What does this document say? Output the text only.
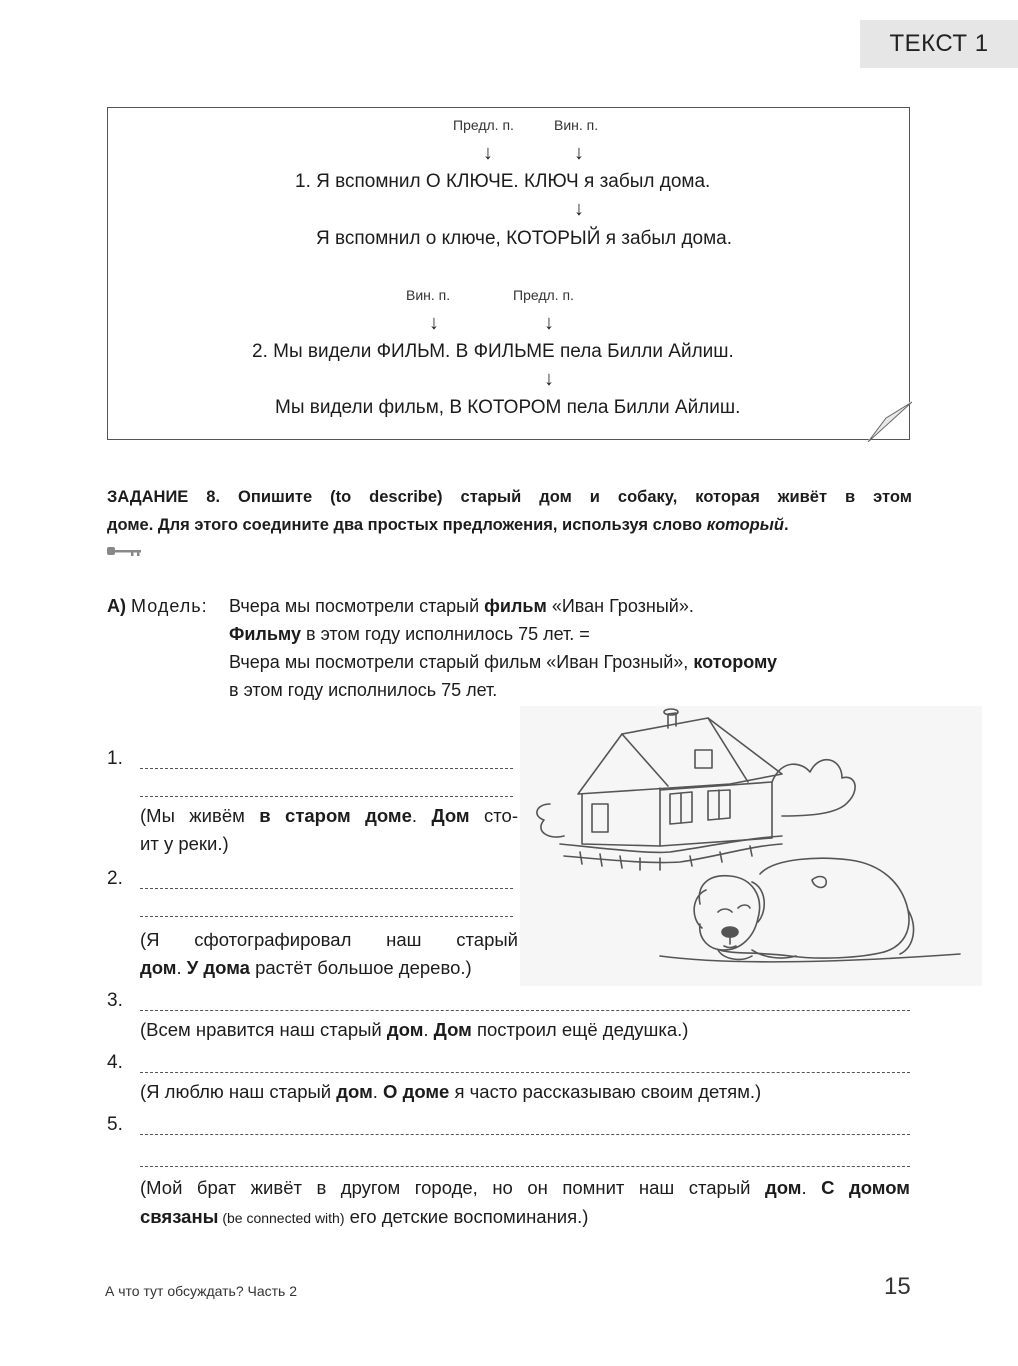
ТЕКСТ 1
Предл. п.	Вин. п.
↓	↓
1. Я вспомнил О КЛЮЧЕ. КЛЮЧ я забыл дома.
↓
Я вспомнил о ключе, КОТОРЫЙ я забыл дома.
Вин. п.	Предл. п.
↓	↓
2. Мы видели ФИЛЬМ. В ФИЛЬМЕ пела Билли Айлиш.
↓
Мы видели фильм, В КОТОРОМ пела Билли Айлиш.
ЗАДАНИЕ 8. Опишите (to describe) старый дом и собаку, которая живёт в этом
доме. Для этого соедините два простых предложения, используя слово который.
А) Модель: Вчера мы посмотрели старый фильм «Иван Грозный».
Фильму в этом году исполнилось 75 лет. =
Вчера мы посмотрели старый фильм «Иван Грозный», которому
в этом году исполнилось 75 лет.
1.
(Мы живём в старом доме. Дом сто-
ит у реки.)
2.
(Я сфотографировал наш старый
дом. У дома растёт большое дерево.)
3.
(Всем нравится наш старый дом. Дом построил ещё дедушка.)
4.
(Я люблю наш старый дом. О доме я часто рассказываю своим детям.)
5.
(Мой брат живёт в другом городе, но он помнит наш старый дом. С домом
связаны (be connected with) его детские воспоминания.)
А что тут обсуждать? Часть 2	15
